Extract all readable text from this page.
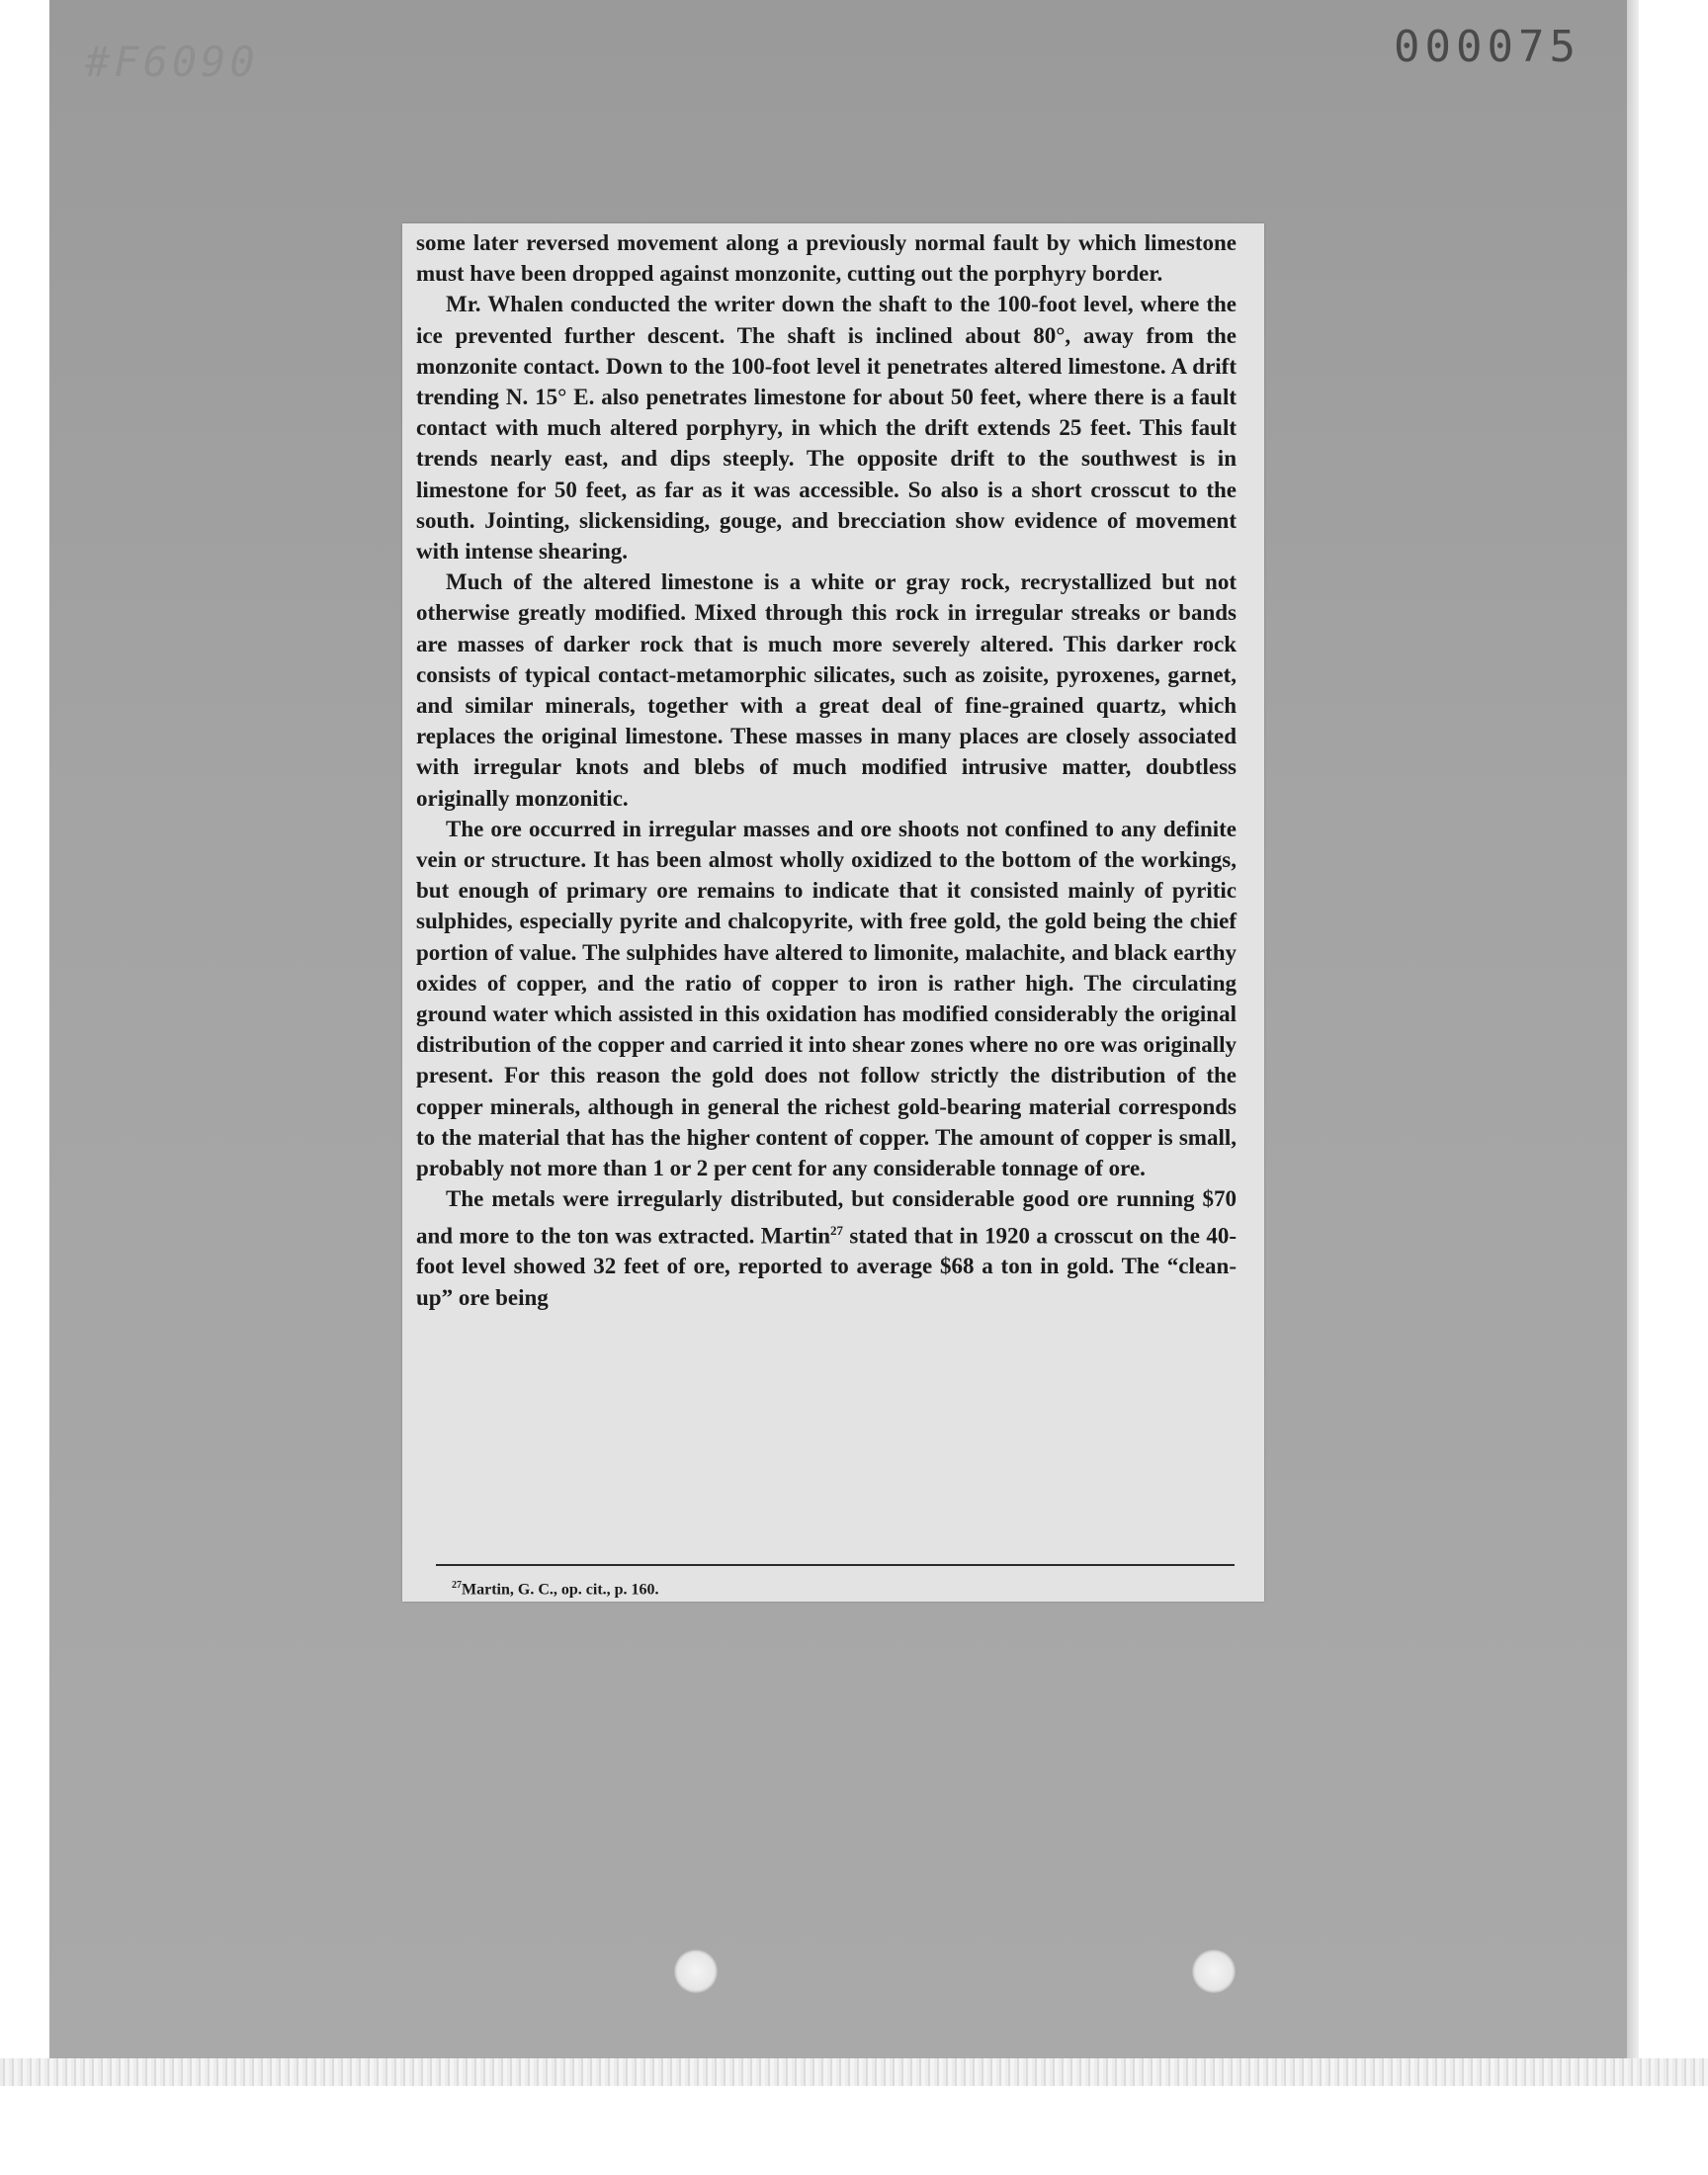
#F6090	000075

some later reversed movement along a previously normal fault by which limestone must have been dropped against monzonite, cutting out the porphyry border.

Mr. Whalen conducted the writer down the shaft to the 100-foot level, where the ice prevented further descent. The shaft is inclined about 80°, away from the monzonite contact. Down to the 100-foot level it penetrates altered limestone. A drift trending N. 15° E. also penetrates limestone for about 50 feet, where there is a fault contact with much altered porphyry, in which the drift extends 25 feet. This fault trends nearly east, and dips steeply. The opposite drift to the southwest is in limestone for 50 feet, as far as it was accessible. So also is a short crosscut to the south. Jointing, slickensiding, gouge, and brecciation show evidence of movement with intense shearing.

Much of the altered limestone is a white or gray rock, recrystallized but not otherwise greatly modified. Mixed through this rock in irregular streaks or bands are masses of darker rock that is much more severely altered. This darker rock consists of typical contact-metamorphic silicates, such as zoisite, pyroxenes, garnet, and similar minerals, together with a great deal of fine-grained quartz, which replaces the original limestone. These masses in many places are closely associated with irregular knots and blebs of much modified intrusive matter, doubtless originally monzonitic.

The ore occurred in irregular masses and ore shoots not confined to any definite vein or structure. It has been almost wholly oxidized to the bottom of the workings, but enough of primary ore remains to indicate that it consisted mainly of pyritic sulphides, especially pyrite and chalcopyrite, with free gold, the gold being the chief portion of value. The sulphides have altered to limonite, malachite, and black earthy oxides of copper, and the ratio of copper to iron is rather high. The circulating ground water which assisted in this oxidation has modified considerably the original distribution of the copper and carried it into shear zones where no ore was originally present. For this reason the gold does not follow strictly the distribution of the copper minerals, although in general the richest gold-bearing material corresponds to the material that has the higher content of copper. The amount of copper is small, probably not more than 1 or 2 per cent for any considerable tonnage of ore.

The metals were irregularly distributed, but considerable good ore running $70 and more to the ton was extracted. Martin$^{27}$ stated that in 1920 a crosscut on the 40-foot level showed 32 feet of ore, reported to average $68 a ton in gold. The “clean-up” ore being

$^{27}$Martin, G. C., op. cit., p. 160.
